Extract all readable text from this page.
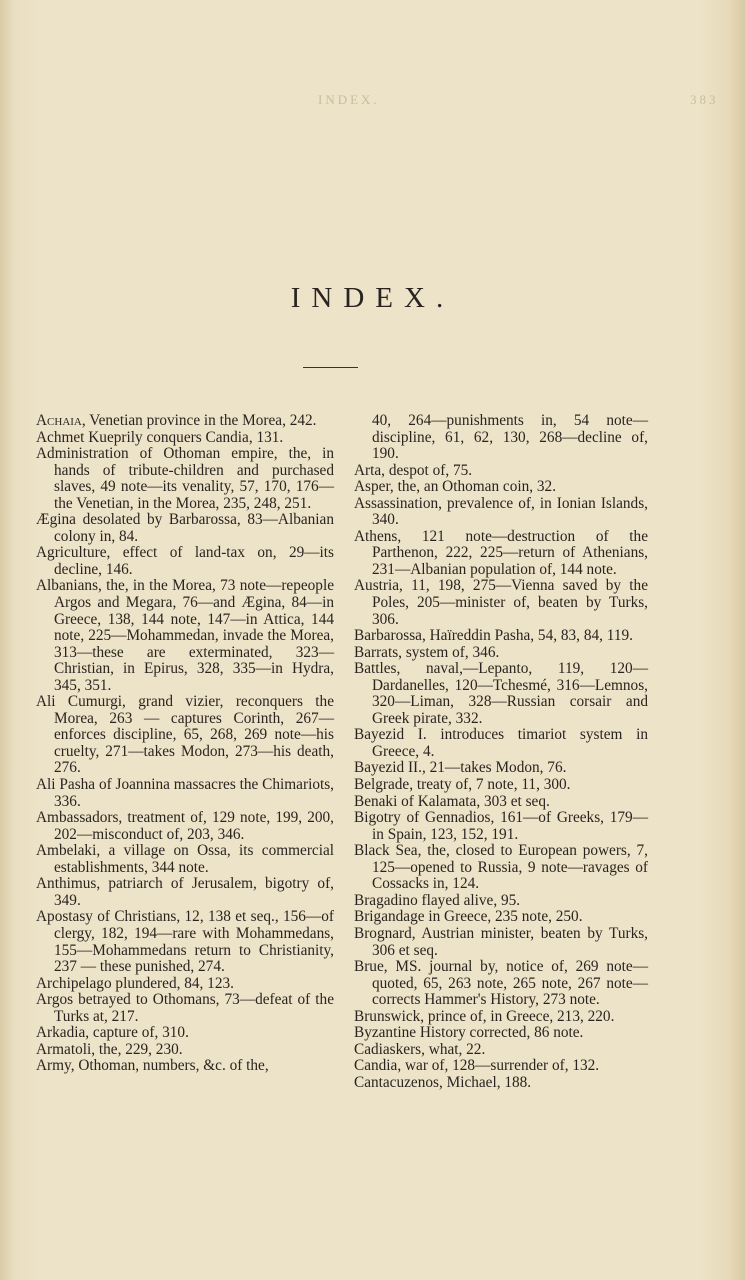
INDEX.	383
INDEX.
Achaia, Venetian province in the Morea, 242.
Achmet Kueprily conquers Candia, 131.
Administration of Othoman empire, the, in hands of tribute-children and purchased slaves, 49 note—its venality, 57, 170, 176—the Venetian, in the Morea, 235, 248, 251.
Ægina desolated by Barbarossa, 83—Albanian colony in, 84.
Agriculture, effect of land-tax on, 29—its decline, 146.
Albanians, the, in the Morea, 73 note—repeople Argos and Megara, 76—and Ægina, 84—in Greece, 138, 144 note, 147—in Attica, 144 note, 225—Mohammedan, invade the Morea, 313—these are exterminated, 323—Christian, in Epirus, 328, 335—in Hydra, 345, 351.
Ali Cumurgi, grand vizier, reconquers the Morea, 263 — captures Corinth, 267—enforces discipline, 65, 268, 269 note—his cruelty, 271—takes Modon, 273—his death, 276.
Ali Pasha of Joannina massacres the Chimariots, 336.
Ambassadors, treatment of, 129 note, 199, 200, 202—misconduct of, 203, 346.
Ambelaki, a village on Ossa, its commercial establishments, 344 note.
Anthimus, patriarch of Jerusalem, bigotry of, 349.
Apostasy of Christians, 12, 138 et seq., 156—of clergy, 182, 194—rare with Mohammedans, 155—Mohammedans return to Christianity, 237 — these punished, 274.
Archipelago plundered, 84, 123.
Argos betrayed to Othomans, 73—defeat of the Turks at, 217.
Arkadia, capture of, 310.
Armatoli, the, 229, 230.
Army, Othoman, numbers, &c. of the,
40, 264—punishments in, 54 note—discipline, 61, 62, 130, 268—decline of, 190.
Arta, despot of, 75.
Asper, the, an Othoman coin, 32.
Assassination, prevalence of, in Ionian Islands, 340.
Athens, 121 note—destruction of the Parthenon, 222, 225—return of Athenians, 231—Albanian population of, 144 note.
Austria, 11, 198, 275—Vienna saved by the Poles, 205—minister of, beaten by Turks, 306.
Barbarossa, Haïreddin Pasha, 54, 83, 84, 119.
Barrats, system of, 346.
Battles, naval,—Lepanto, 119, 120—Dardanelles, 120—Tchesmé, 316—Lemnos, 320—Liman, 328—Russian corsair and Greek pirate, 332.
Bayezid I. introduces timariot system in Greece, 4.
Bayezid II., 21—takes Modon, 76.
Belgrade, treaty of, 7 note, 11, 300.
Benaki of Kalamata, 303 et seq.
Bigotry of Gennadios, 161—of Greeks, 179—in Spain, 123, 152, 191.
Black Sea, the, closed to European powers, 7, 125—opened to Russia, 9 note—ravages of Cossacks in, 124.
Bragadino flayed alive, 95.
Brigandage in Greece, 235 note, 250.
Brognard, Austrian minister, beaten by Turks, 306 et seq.
Brue, MS. journal by, notice of, 269 note—quoted, 65, 263 note, 265 note, 267 note—corrects Hammer's History, 273 note.
Brunswick, prince of, in Greece, 213, 220.
Byzantine History corrected, 86 note.
Cadiaskers, what, 22.
Candia, war of, 128—surrender of, 132.
Cantacuzenos, Michael, 188.
